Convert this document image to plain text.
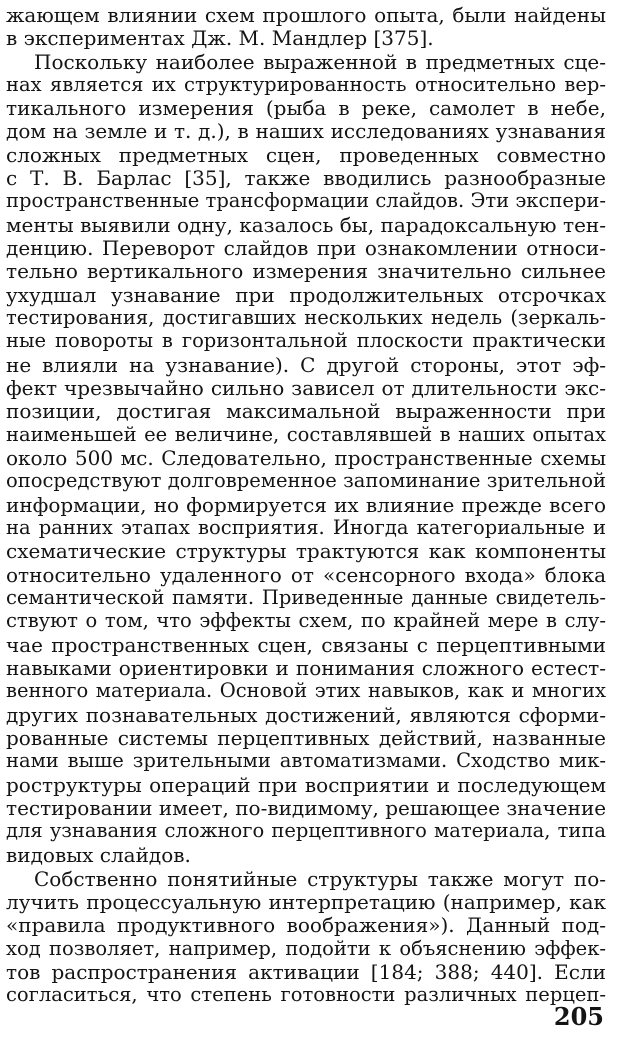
жающем влиянии схем прошлого опыта, были найдены
в экспериментах Дж. М. Мандлер [375].
Поскольку наиболее выраженной в предметных сце-
нах является их структурированность относительно вер-
тикального измерения (рыба в реке, самолет в небе,
дом на земле и т. д.), в наших исследованиях узнавания
сложных предметных сцен, проведенных совместно
с Т. В. Барлас [35], также вводились разнообразные
пространственные трансформации слайдов. Эти экспери-
менты выявили одну, казалось бы, парадоксальную тен-
денцию. Переворот слайдов при ознакомлении относи-
тельно вертикального измерения значительно сильнее
ухудшал узнавание при продолжительных отсрочках
тестирования, достигавших нескольких недель (зеркаль-
ные повороты в горизонтальной плоскости практически
не влияли на узнавание). С другой стороны, этот эф-
фект чрезвычайно сильно зависел от длительности экс-
позиции, достигая максимальной выраженности при
наименьшей ее величине, составлявшей в наших опытах
около 500 мс. Следовательно, пространственные схемы
опосредствуют долговременное запоминание зрительной
информации, но формируется их влияние прежде всего
на ранних этапах восприятия. Иногда категориальные и
схематические структуры трактуются как компоненты
относительно удаленного от «сенсорного входа» блока
семантической памяти. Приведенные данные свидетель-
ствуют о том, что эффекты схем, по крайней мере в слу-
чае пространственных сцен, связаны с перцептивными
навыками ориентировки и понимания сложного естест-
венного материала. Основой этих навыков, как и многих
других познавательных достижений, являются сформи-
рованные системы перцептивных действий, названные
нами выше зрительными автоматизмами. Сходство мик-
роструктуры операций при восприятии и последующем
тестировании имеет, по-видимому, решающее значение
для узнавания сложного перцептивного материала, типа
видовых слайдов.
Собственно понятийные структуры также могут по-
лучить процессуальную интерпретацию (например, как
«правила продуктивного воображения»). Данный под-
ход позволяет, например, подойти к объяснению эффек-
тов распространения активации [184; 388; 440]. Если
согласиться, что степень готовности различных перцеп-
205
